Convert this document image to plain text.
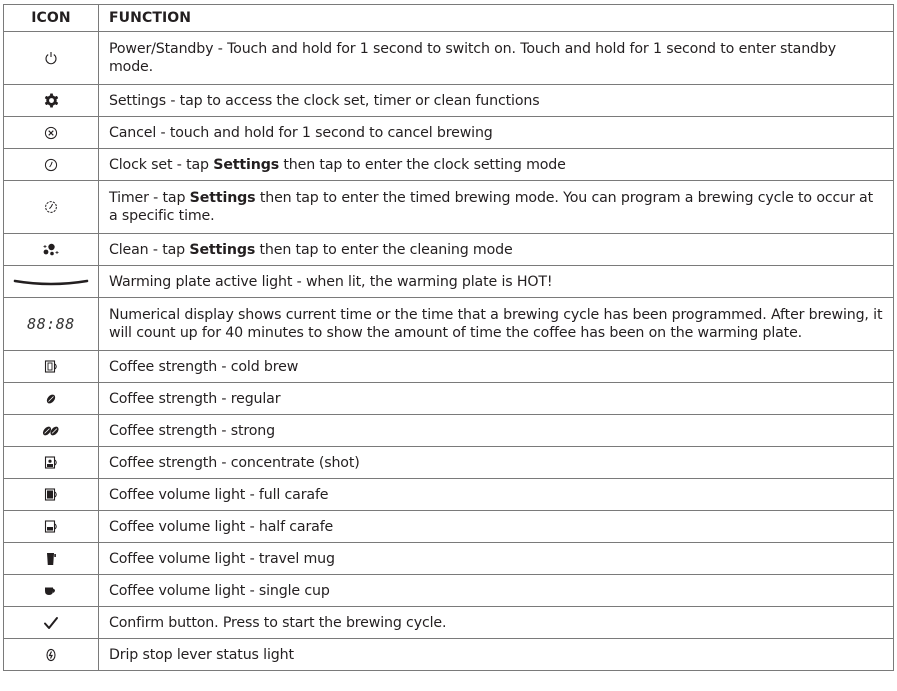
ICON	FUNCTION
	Power/Standby - Touch and hold for 1 second to switch on. Touch and hold for 1 second to enter standby mode.
	Settings - tap to access the clock set, timer or clean functions
	Cancel - touch and hold for 1 second to cancel brewing
	Clock set - tap Settings then tap to enter the clock setting mode
	Timer - tap Settings then tap to enter the timed brewing mode. You can program a brewing cycle to occur at a specific time.
	Clean - tap Settings then tap to enter the cleaning mode
	Warming plate active light - when lit, the warming plate is HOT!
88:88	Numerical display shows current time or the time that a brewing cycle has been programmed. After brewing, it will count up for 40 minutes to show the amount of time the coffee has been on the warming plate.
	Coffee strength - cold brew
	Coffee strength - regular
	Coffee strength - strong
	Coffee strength - concentrate (shot)
	Coffee volume light - full carafe
	Coffee volume light - half carafe
	Coffee volume light - travel mug
	Coffee volume light - single cup
	Confirm button. Press to start the brewing cycle.
	Drip stop lever status light
